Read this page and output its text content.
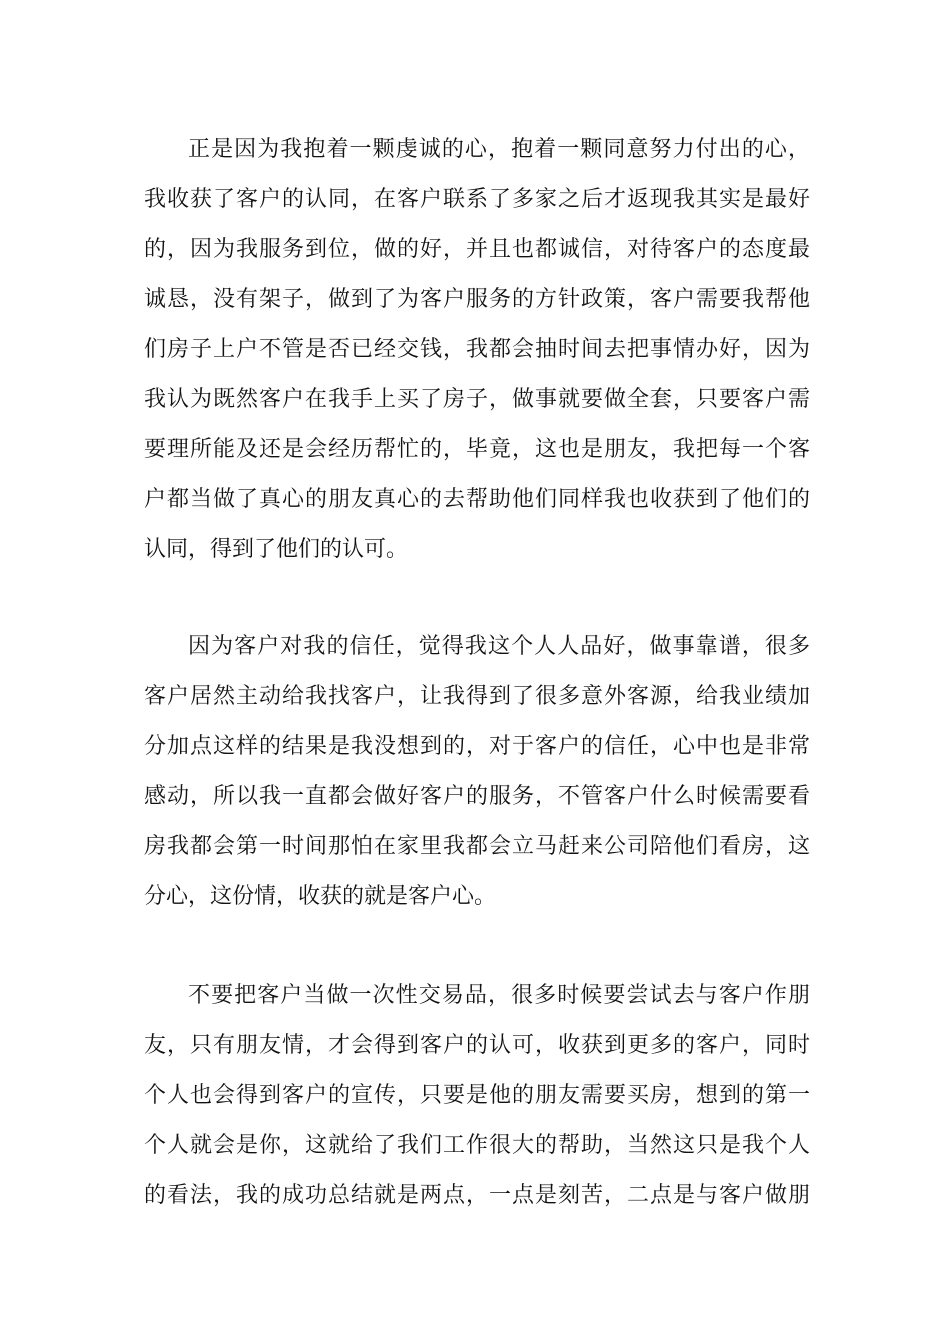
正是因为我抱着一颗虔诚的心，抱着一颗同意努力付出的心，
我收获了客户的认同，在客户联系了多家之后才返现我其实是最好
的，因为我服务到位，做的好，并且也都诚信，对待客户的态度最
诚恳，没有架子，做到了为客户服务的方针政策，客户需要我帮他
们房子上户不管是否已经交钱，我都会抽时间去把事情办好，因为
我认为既然客户在我手上买了房子，做事就要做全套，只要客户需
要理所能及还是会经历帮忙的，毕竟，这也是朋友，我把每一个客
户都当做了真心的朋友真心的去帮助他们同样我也收获到了他们的
认同，得到了他们的认可。
因为客户对我的信任，觉得我这个人人品好，做事靠谱，很多
客户居然主动给我找客户，让我得到了很多意外客源，给我业绩加
分加点这样的结果是我没想到的，对于客户的信任，心中也是非常
感动，所以我一直都会做好客户的服务，不管客户什么时候需要看
房我都会第一时间那怕在家里我都会立马赶来公司陪他们看房，这
分心，这份情，收获的就是客户心。
不要把客户当做一次性交易品，很多时候要尝试去与客户作朋
友，只有朋友情，才会得到客户的认可，收获到更多的客户，同时
个人也会得到客户的宣传，只要是他的朋友需要买房，想到的第一
个人就会是你，这就给了我们工作很大的帮助，当然这只是我个人
的看法，我的成功总结就是两点，一点是刻苦，二点是与客户做朋
